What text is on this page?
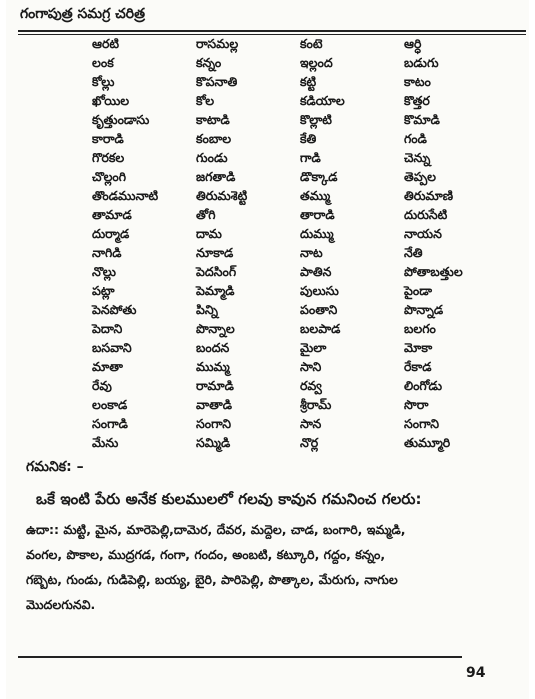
గంగాపుత్ర సమగ్ర చరిత్ర
ఆరటి	రాసమల్ల	కంటె	ఆర్ధి
లంక	కన్నం	ఇల్లంద	బడుగు
కోల్లు	కొపనాతి	కట్టి	కాటం
ఖోయిల	కోల	కడియాల	కొత్తర
కృత్తుండాసు	కాటాడి	కొల్లాటి	కొమాడి
కారాడి	కంబాల	కేతి	గండి
గొరకల	గుండు	గాడి	చెన్ను
చొల్లంగి	జగతాడి	డొక్కాడ	తెప్పల
తొండమునాటి	తిరుమశెట్టి	తమ్ము	తిరుమాణి
తామాడ	తోగి	తారాడి	దురుసేటి
దుర్మాడ	దామ	దుమ్ము	నాయన
నాగిడి	నూకాడ	నాట	నేతి
నొల్లు	పెదసింగ్	పాతిన	పోతాబత్తుల
పట్లా	పెమ్మాడి	పులుసు	పైండా
పెనపోతు	పిన్ని	పంతాని	పొన్నాడ
పెదాని	పొన్నాల	బలపాడ	బలగం
బసవాని	బందన	మైలా	మోకా
మాతా	ముమ్మ	సాని	రేకాడ
రేవు	రామాడి	రవ్వ	లింగోడు
లంకాడ	వాతాడి	శ్రీరామ్	సొరా
సంగాడి	సంగాని	సాన	సంగాని
మేను	సమ్మిడి	నొర్ల	తుమ్మూరి
గమనిక: –
ఒకే ఇంటి పేరు అనేక కులములలో గలవు కావున గమనించ గలరు:
ఉదా:: మట్టి, మైన, మారెపెల్లి,దామెర, దేవర, మద్దెల, చాడ, బంగారి, ఇమ్మడి,
వంగల, పొకాల, ముద్రగడ, గంగా, గందం, అంబటి, కట్కూరి, గద్దం, కన్నం,
గబ్బెట, గుండు, గుడిపెల్లి, బయ్య, బైరి, పారిపెల్లి, పొత్కాల, మేరుగు, నాగుల
మొదలగునవి.
94
